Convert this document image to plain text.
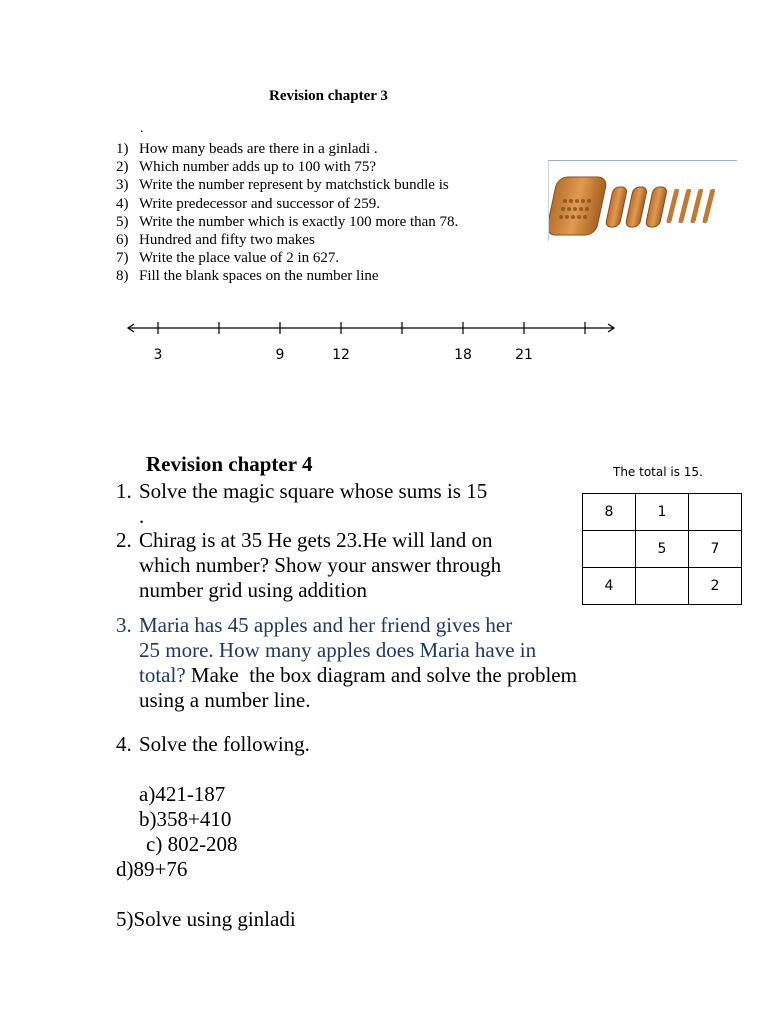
Revision chapter 3
.
1) How many beads are there in a ginladi .
2) Which number adds up to 100 with 75?
3) Write the number represent by matchstick bundle is
4) Write predecessor and successor of 259.
5) Write the number which is exactly 100 more than 78.
6) Hundred and fifty two makes
7) Write the place value of 2 in 627.
8) Fill the blank spaces on the number line
3	9	12	18	21
Revision chapter 4
1. Solve the magic square whose sums is 15
.
2. Chirag is at 35 He gets 23.He will land on
which number? Show your answer through
number grid using addition
3. Maria has 45 apples and her friend gives her
25 more. How many apples does Maria have in
total? Make  the box diagram and solve the problem
using a number line.
4. Solve the following.
a)421-187
b)358+410
c) 802-208
d)89+76
5)Solve using ginladi
The total is 15.
8	1	
	5	7
4		2
